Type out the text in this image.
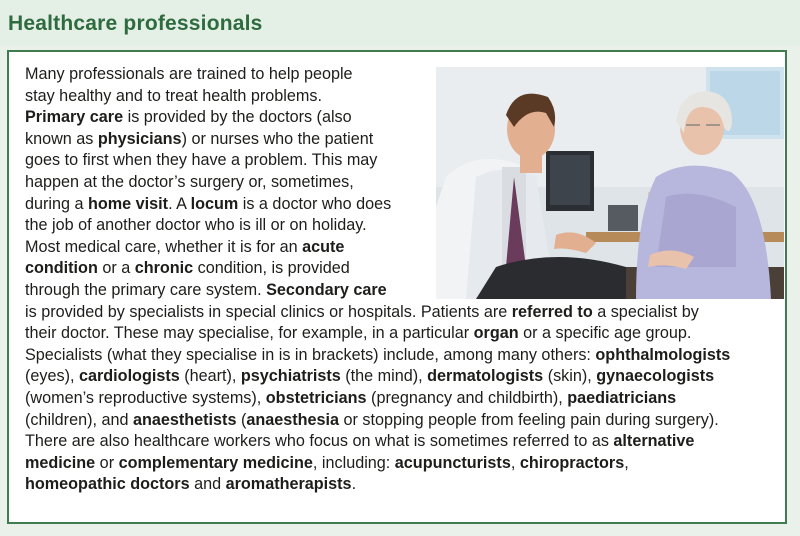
Healthcare professionals

Many professionals are trained to help people

stay healthy and to treat health problems.

Primary care is provided by the doctors (also

known as physicians) or nurses who the patient

goes to first when they have a problem. This may

happen at the doctor’s surgery or, sometimes,

during a home visit. A locum is a doctor who does

the job of another doctor who is ill or on holiday.

Most medical care, whether it is for an acute

condition or a chronic condition, is provided

through the primary care system. Secondary care

is provided by specialists in special clinics or hospitals. Patients are referred to a specialist by

their doctor. These may specialise, for example, in a particular organ or a specific age group.

Specialists (what they specialise in is in brackets) include, among many others: ophthalmologists

(eyes), cardiologists (heart), psychiatrists (the mind), dermatologists (skin), gynaecologists

(women’s reproductive systems), obstetricians (pregnancy and childbirth), paediatricians

(children), and anaesthetists (anaesthesia or stopping people from feeling pain during surgery).

There are also healthcare workers who focus on what is sometimes referred to as alternative

medicine or complementary medicine, including: acupuncturists, chiropractors,

homeopathic doctors and aromatherapists.
